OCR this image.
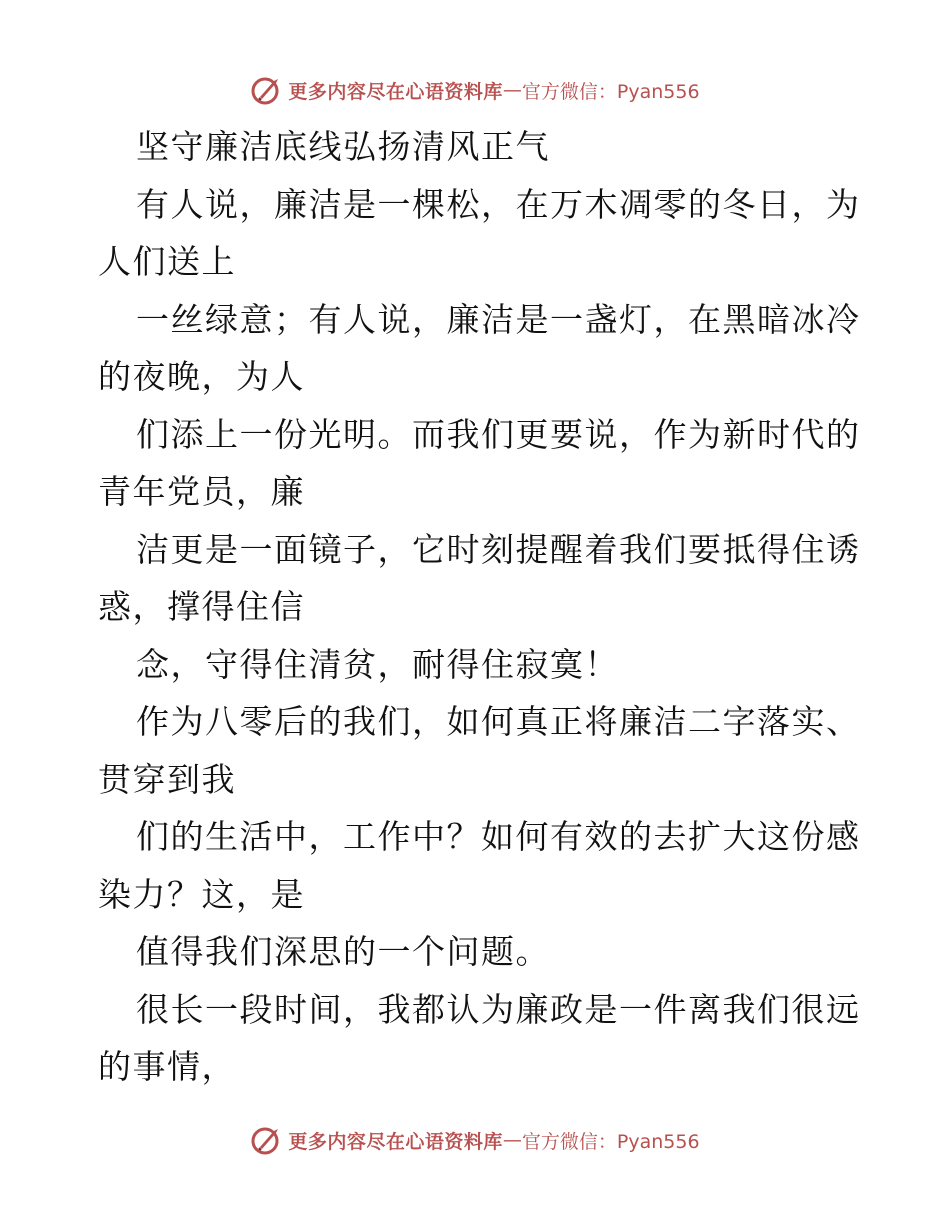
更多内容尽在心语资料库 — 官方微信：Pyan556
坚守廉洁底线弘扬清风正气
有人说，廉洁是一棵松，在万木凋零的冬日，为
人们送上
一丝绿意；有人说，廉洁是一盏灯，在黑暗冰冷
的夜晚，为人
们添上一份光明。而我们更要说，作为新时代的
青年党员，廉
洁更是一面镜子，它时刻提醒着我们要抵得住诱
惑，撑得住信
念，守得住清贫，耐得住寂寞！
作为八零后的我们，如何真正将廉洁二字落实、
贯穿到我
们的生活中，工作中？如何有效的去扩大这份感
染力？这，是
值得我们深思的一个问题。
很长一段时间，我都认为廉政是一件离我们很远
的事情，
更多内容尽在心语资料库 — 官方微信：Pyan556
